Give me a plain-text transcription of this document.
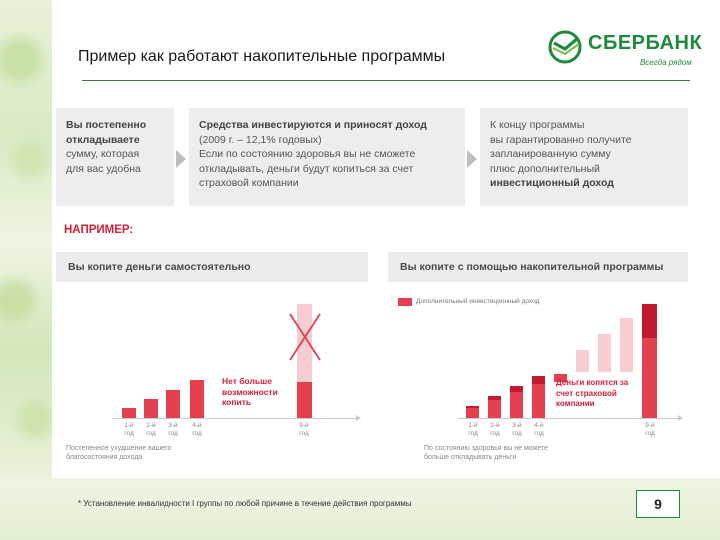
Пример как работают накопительные программы
СБЕРБАНК
Всегда рядом
Вы постепенно
откладываете
сумму, которая
для вас удобна
Средства инвестируются и приносят доход
(2009 г. – 12,1% годовых)
Если по состоянию здоровья вы не сможете
откладывать, деньги будут копиться за счет
страховой компании
К концу программы
вы гарантированно получите
запланированную сумму
плюс дополнительный
инвестиционный доход
НАПРИМЕР:
Вы копите деньги самостоятельно
Нет больше возможности копить
1-й
год
2-й
год
3-й
год
4-й
год
9-й
год
Постепенное ухудшение вашего благосостояния дохода
Вы копите с помощью накопительной программы
Дополнительный инвестиционный доход
Деньги копятся за счет страховой компании
1-й
год
2-й
год
3-й
год
4-й
год
9-й
год
По состоянию здоровья вы не можете больше откладывать деньги
* Установление инвалидности I группы по любой причине в течение действия программы	9
